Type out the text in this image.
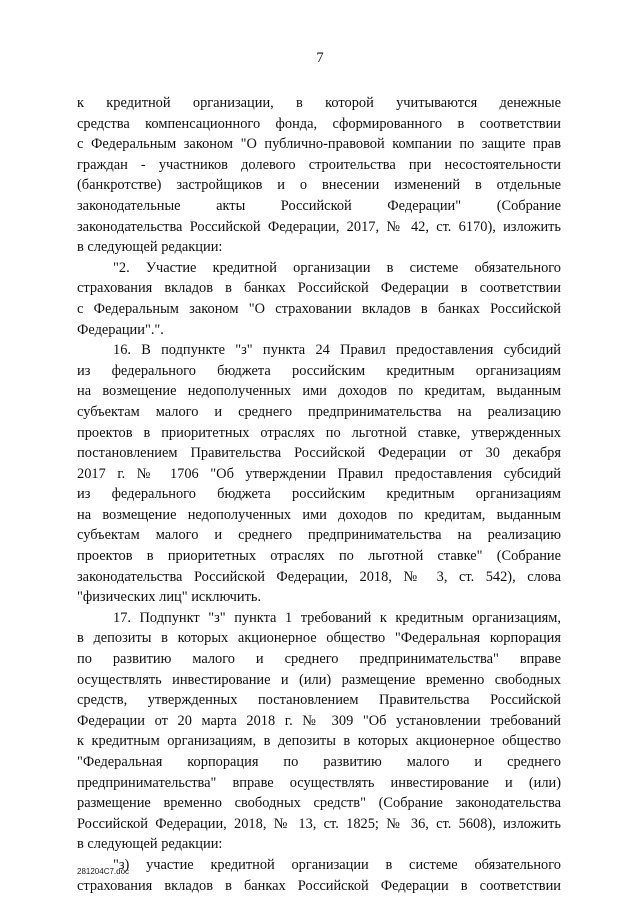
7
к кредитной организации, в которой учитываются денежные
средства компенсационного фонда, сформированного в соответствии
с Федеральным законом "О публично-правовой компании по защите прав
граждан - участников долевого строительства при несостоятельности
(банкротстве) застройщиков и о внесении изменений в отдельные
законодательные акты Российской Федерации" (Собрание
законодательства Российской Федерации, 2017, № 42, ст. 6170), изложить
в следующей редакции:
"2. Участие кредитной организации в системе обязательного
страхования вкладов в банках Российской Федерации в соответствии
с Федеральным законом "О страховании вкладов в банках Российской
Федерации".".
16. В подпункте "з" пункта 24 Правил предоставления субсидий
из федерального бюджета российским кредитным организациям
на возмещение недополученных ими доходов по кредитам, выданным
субъектам малого и среднего предпринимательства на реализацию
проектов в приоритетных отраслях по льготной ставке, утвержденных
постановлением Правительства Российской Федерации от 30 декабря
2017 г. № 1706 "Об утверждении Правил предоставления субсидий
из федерального бюджета российским кредитным организациям
на возмещение недополученных ими доходов по кредитам, выданным
субъектам малого и среднего предпринимательства на реализацию
проектов в приоритетных отраслях по льготной ставке" (Собрание
законодательства Российской Федерации, 2018, № 3, ст. 542), слова
"физических лиц" исключить.
17. Подпункт "з" пункта 1 требований к кредитным организациям,
в депозиты в которых акционерное общество "Федеральная корпорация
по развитию малого и среднего предпринимательства" вправе
осуществлять инвестирование и (или) размещение временно свободных
средств, утвержденных постановлением Правительства Российской
Федерации от 20 марта 2018 г. № 309 "Об установлении требований
к кредитным организациям, в депозиты в которых акционерное общество
"Федеральная корпорация по развитию малого и среднего
предпринимательства" вправе осуществлять инвестирование и (или)
размещение временно свободных средств" (Собрание законодательства
Российской Федерации, 2018, № 13, ст. 1825; № 36, ст. 5608), изложить
в следующей редакции:
"з) участие кредитной организации в системе обязательного
страхования вкладов в банках Российской Федерации в соответствии
281204C7.doc
